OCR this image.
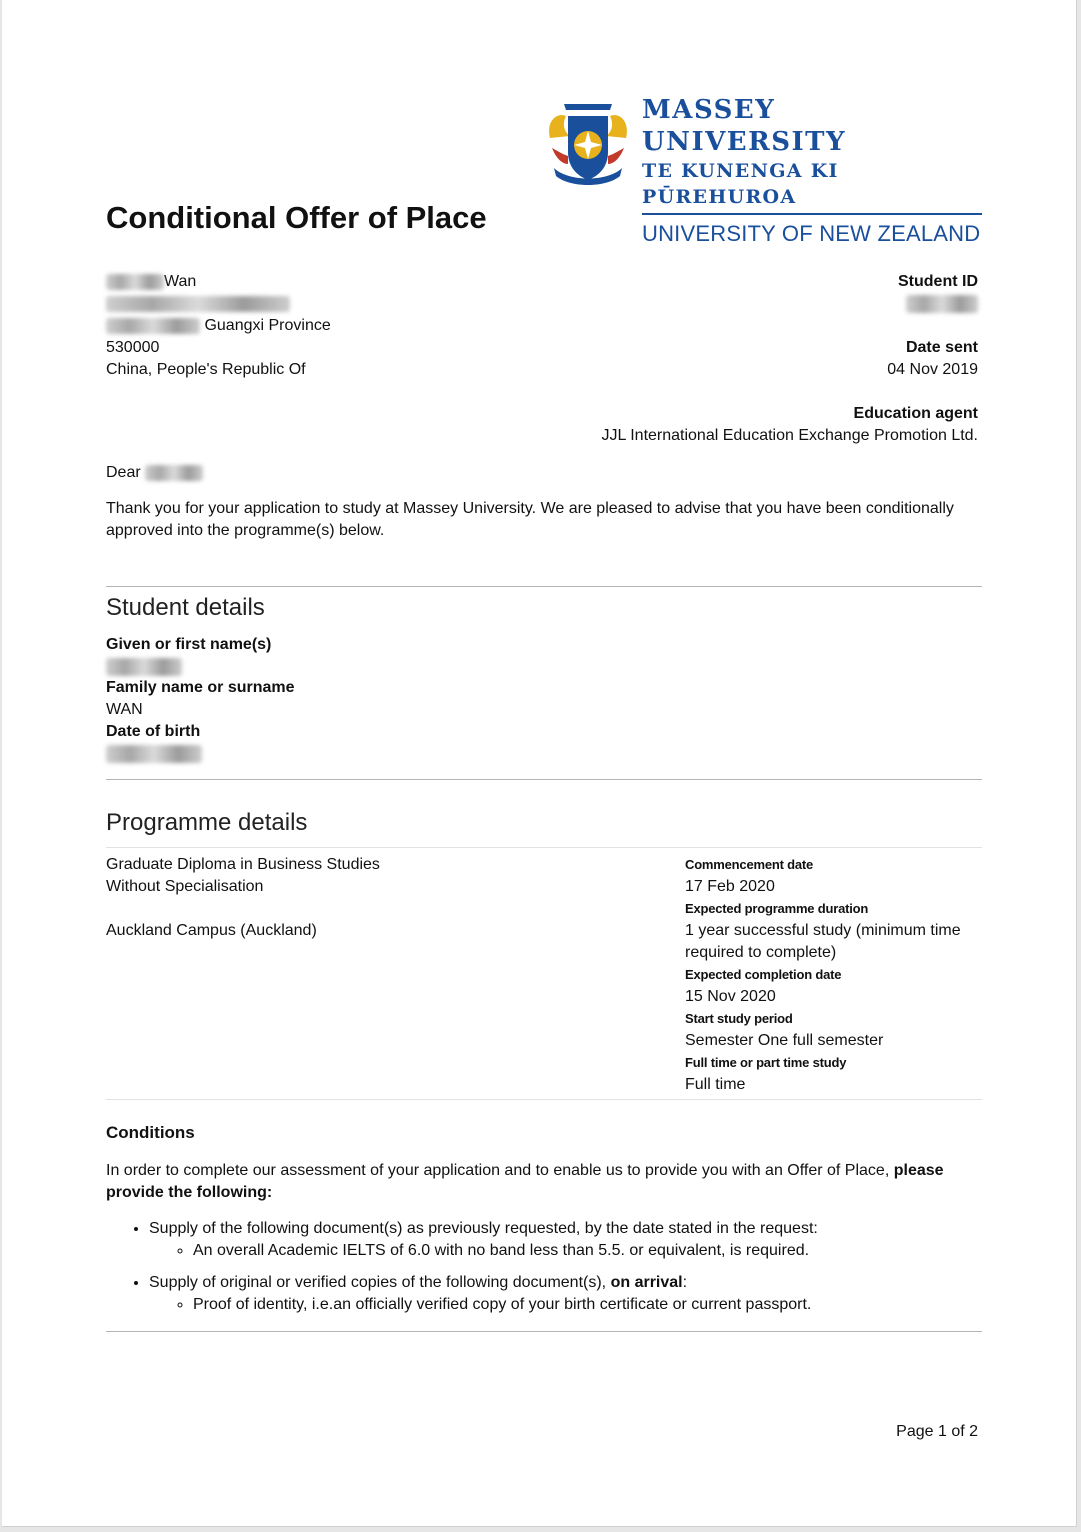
MASSEY UNIVERSITY
TE KUNENGA KI PŪREHUROA
UNIVERSITY OF NEW ZEALAND
Conditional Offer of Place
Wan
Guangxi Province
530000
China, People's Republic Of
Student ID
Date sent
04 Nov 2019
Education agent
JJL International Education Exchange Promotion Ltd.
Dear
Thank you for your application to study at Massey University. We are pleased to advise that you have been conditionally approved into the programme(s) below.
Student details
Given or first name(s)
Family name or surname
WAN
Date of birth
Programme details
Graduate Diploma in Business Studies
Without Specialisation
Auckland Campus (Auckland)
Commencement date
17 Feb 2020
Expected programme duration
1 year successful study (minimum time required to complete)
Expected completion date
15 Nov 2020
Start study period
Semester One full semester
Full time or part time study
Full time
Conditions
In order to complete our assessment of your application and to enable us to provide you with an Offer of Place, please provide the following:
• Supply of the following document(s) as previously requested, by the date stated in the request:
◦ An overall Academic IELTS of 6.0 with no band less than 5.5. or equivalent, is required.
• Supply of original or verified copies of the following document(s), on arrival:
◦ Proof of identity, i.e.an officially verified copy of your birth certificate or current passport.
Page 1 of 2
